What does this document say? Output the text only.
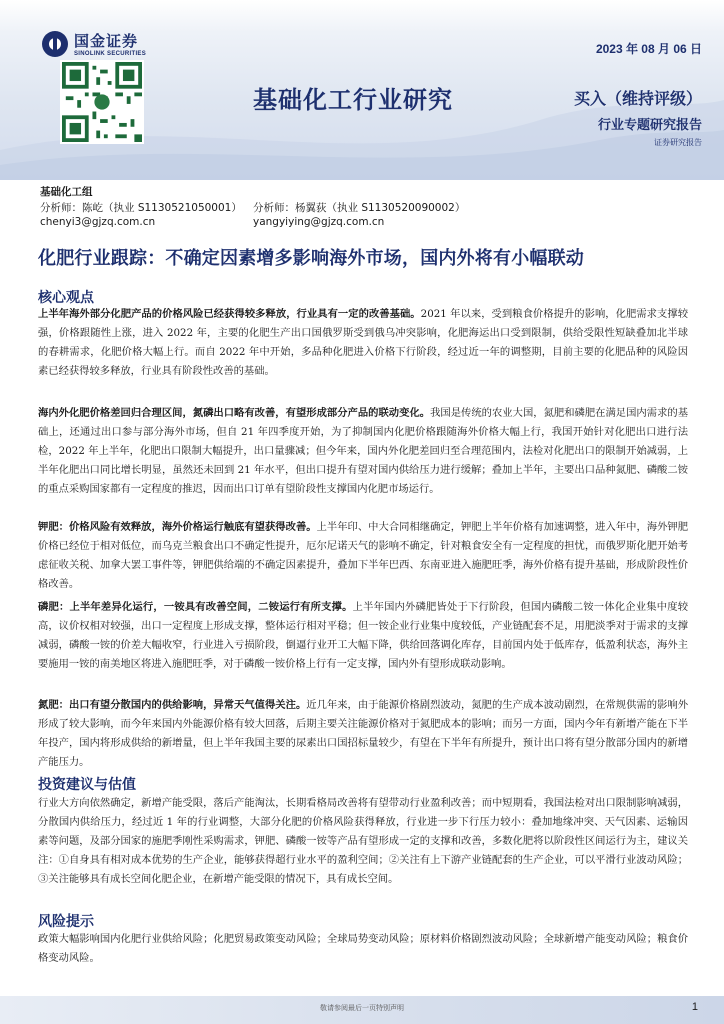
国金证券
SINOLINK SECURITIES	2023 年 08 月 06 日
基础化工行业研究	买入（维持评级）
行业专题研究报告
证券研究报告
基础化工组
分析师：陈屹（执业 S1130521050001）
chenyi3@gjzq.com.cn
分析师：杨翼荻（执业 S1130520090002）
yangyiying@gjzq.com.cn
化肥行业跟踪：不确定因素增多影响海外市场，国内外将有小幅联动
核心观点
上半年海外部分化肥产品的价格风险已经获得较多释放，行业具有一定的改善基础。2021 年以来，受到粮食价格提升的影响，化肥需求支撑较强，价格跟随性上涨，进入 2022 年，主要的化肥生产出口国俄罗斯受到俄乌冲突影响，化肥海运出口受到限制，供给受限性短缺叠加北半球的春耕需求，化肥价格大幅上行。而自 2022 年中开始，多品种化肥进入价格下行阶段，经过近一年的调整期，目前主要的化肥品种的风险因素已经获得较多释放，行业具有阶段性改善的基础。
海内外化肥价格差回归合理区间，氮磷出口略有改善，有望形成部分产品的联动变化。我国是传统的农业大国，氮肥和磷肥在满足国内需求的基础上，还通过出口参与部分海外市场，但自 21 年四季度开始，为了抑制国内化肥价格跟随海外价格大幅上行，我国开始针对化肥出口进行法检，2022 年上半年，化肥出口限制大幅提升，出口量骤减；但今年来，国内外化肥差回归至合理范围内，法检对化肥出口的限制开始减弱，上半年化肥出口同比增长明显，虽然还未回到 21 年水平，但出口提升有望对国内供给压力进行缓解；叠加上半年，主要出口品种氮肥、磷酸二铵的重点采购国家都有一定程度的推迟，因而出口订单有望阶段性支撑国内化肥市场运行。
钾肥：价格风险有效释放，海外价格运行触底有望获得改善。上半年印、中大合同相继确定，钾肥上半年价格有加速调整，进入年中，海外钾肥价格已经位于相对低位，而乌克兰粮食出口不确定性提升，厄尔尼诺天气的影响不确定，针对粮食安全有一定程度的担忧，而俄罗斯化肥开始考虑征收关税、加拿大罢工事件等，钾肥供给端的不确定因素提升，叠加下半年巴西、东南亚进入施肥旺季，海外价格有提升基础，形成阶段性价格改善。
磷肥：上半年差异化运行，一铵具有改善空间，二铵运行有所支撑。上半年国内外磷肥皆处于下行阶段，但国内磷酸二铵一体化企业集中度较高，议价权相对较强，出口一定程度上形成支撑，整体运行相对平稳；但一铵企业行业集中度较低，产业链配套不足，用肥淡季对于需求的支撑减弱，磷酸一铵的价差大幅收窄，行业进入亏损阶段，倒逼行业开工大幅下降，供给回落调化库存，目前国内处于低库存，低盈利状态，海外主要施用一铵的南美地区将进入施肥旺季，对于磷酸一铵价格上行有一定支撑，国内外有望形成联动影响。
氮肥：出口有望分散国内的供给影响，异常天气值得关注。近几年来，由于能源价格剧烈波动，氮肥的生产成本波动剧烈，在常规供需的影响外形成了较大影响，而今年来国内外能源价格有较大回落，后期主要关注能源价格对于氮肥成本的影响；而另一方面，国内今年有新增产能在下半年投产，国内将形成供给的新增量，但上半年我国主要的尿素出口国招标量较少，有望在下半年有所提升，预计出口将有望分散部分国内的新增产能压力。
投资建议与估值
行业大方向依然确定，新增产能受限，落后产能淘汰，长期看格局改善将有望带动行业盈利改善；而中短期看，我国法检对出口限制影响减弱，分散国内供给压力，经过近 1 年的行业调整，大部分化肥的价格风险获得释放，行业进一步下行压力较小：叠加地缘冲突、天气因素、运输因素等问题，及部分国家的施肥季刚性采购需求，钾肥、磷酸一铵等产品有望形成一定的支撑和改善，多数化肥将以阶段性区间运行为主，建议关注：①自身具有相对成本优势的生产企业，能够获得超行业水平的盈利空间；②关注有上下游产业链配套的生产企业，可以平滑行业波动风险；③关注能够具有成长空间化肥企业，在新增产能受限的情况下，具有成长空间。
风险提示
政策大幅影响国内化肥行业供给风险；化肥贸易政策变动风险；全球局势变动风险；原材料价格剧烈波动风险；全球新增产能变动风险；粮食价格变动风险。
敬请参阅最后一页特别声明	1
